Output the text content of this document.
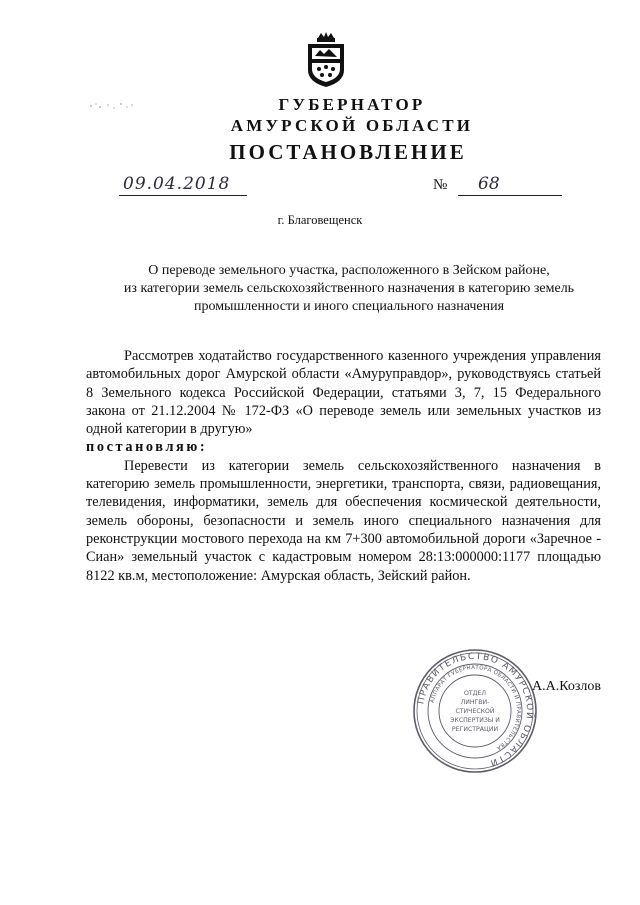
ГУБЕРНАТОР
АМУРСКОЙ ОБЛАСТИ
ПОСТАНОВЛЕНИЕ
09.04.2018	№	68
г. Благовещенск
О переводе земельного участка, расположенного в Зейском районе,
из категории земель сельскохозяйственного назначения в категорию земель
промышленности и иного специального назначения

Рассмотрев ходатайство государственного казенного учреждения управления автомобильных дорог Амурской области «Амуруправдор», руководствуясь статьей 8 Земельного кодекса Российской Федерации, статьями 3, 7, 15 Федерального закона от 21.12.2004 № 172-ФЗ «О переводе земель или земельных участков из одной категории в другую»

постановляю:

Перевести из категории земель сельскохозяйственного назначения в категорию земель промышленности, энергетики, транспорта, связи, радиовещания, телевидения, информатики, земель для обеспечения космической деятельности, земель обороны, безопасности и земель иного специального назначения для реконструкции мостового перехода на км 7+300 автомобильной дороги «Заречное - Сиан» земельный участок с кадастровым номером 28:13:000000:1177 площадью 8122 кв.м, местоположение: Амурская область, Зейский район.

ПРАВИТЕЛЬСТВО АМУРСКОЙ ОБЛАСТИ
АППАРАТ ГУБЕРНАТОРА ОБЛАСТИ И ПРАВИТЕЛЬСТВА
ОТДЕЛ
ЛИНГВИ-
СТИЧЕСКОЙ
ЭКСПЕРТИЗЫ И
РЕГИСТРАЦИИ
А.А.Козлов
